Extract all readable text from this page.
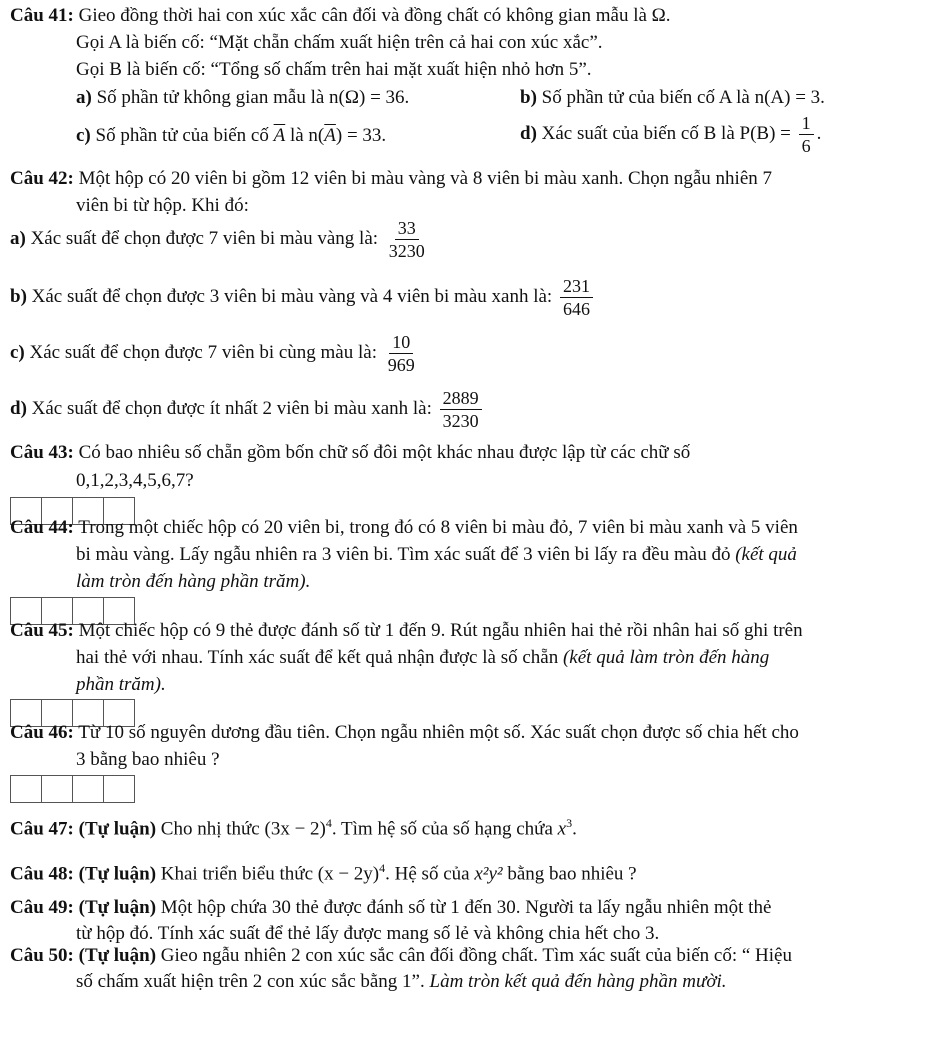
Câu 41: Gieo đồng thời hai con xúc xắc cân đối và đồng chất có không gian mẫu là Ω.
Gọi A là biến cố: “Mặt chẵn chấm xuất hiện trên cả hai con xúc xắc”.
Gọi B là biến cố: “Tổng số chấm trên hai mặt xuất hiện nhỏ hơn 5”.
a) Số phần tử không gian mẫu là n(Ω) = 36.	b) Số phần tử của biến cố A là n(A) = 3.
c) Số phần tử của biến cố $\overline{A}$ là $n(\overline{A}) = 33$.	d) Xác suất của biến cố B là $P(B) = \frac{1}{6}$ .
Câu 42: Một hộp có 20 viên bi gồm 12 viên bi màu vàng và 8 viên bi màu xanh. Chọn ngẫu nhiên 7
viên bi từ hộp. Khi đó:
a) Xác suất để chọn được 7 viên bi màu vàng là: $\frac{33}{3230}$
b) Xác suất để chọn được 3 viên bi màu vàng và 4 viên bi màu xanh là: $\frac{231}{646}$
c) Xác suất để chọn được 7 viên bi cùng màu là: $\frac{10}{969}$
d) Xác suất để chọn được ít nhất 2 viên bi màu xanh là: $\frac{2889}{3230}$
Câu 43: Có bao nhiêu số chẵn gồm bốn chữ số đôi một khác nhau được lập từ các chữ số
0,1,2,3,4,5,6,7?
Câu 44: Trong một chiếc hộp có 20 viên bi, trong đó có 8 viên bi màu đỏ, 7 viên bi màu xanh và 5 viên
bi màu vàng. Lấy ngẫu nhiên ra 3 viên bi. Tìm xác suất để 3 viên bi lấy ra đều màu đỏ (kết quả
làm tròn đến hàng phần trăm).
Câu 45: Một chiếc hộp có 9 thẻ được đánh số từ 1 đến 9. Rút ngẫu nhiên hai thẻ rồi nhân hai số ghi trên
hai thẻ với nhau. Tính xác suất để kết quả nhận được là số chẵn (kết quả làm tròn đến hàng
phần trăm).
Câu 46: Từ 10 số nguyên dương đầu tiên. Chọn ngẫu nhiên một số. Xác suất chọn được số chia hết cho
3 bằng bao nhiêu ?
Câu 47: (Tự luận) Cho nhị thức $(3x - 2)^4$. Tìm hệ số của số hạng chứa $x^3$.
Câu 48: (Tự luận) Khai triển biểu thức $(x - 2y)^4$. Hệ số của x²y² bằng bao nhiêu ?
Câu 49: (Tự luận) Một hộp chứa 30 thẻ được đánh số từ 1 đến 30. Người ta lấy ngẫu nhiên một thẻ
từ hộp đó. Tính xác suất để thẻ lấy được mang số lẻ và không chia hết cho 3.
Câu 50: (Tự luận) Gieo ngẫu nhiên 2 con xúc sắc cân đối đồng chất. Tìm xác suất của biến cố: “ Hiệu
số chấm xuất hiện trên 2 con xúc sắc bằng 1”. Làm tròn kết quả đến hàng phần mười.
